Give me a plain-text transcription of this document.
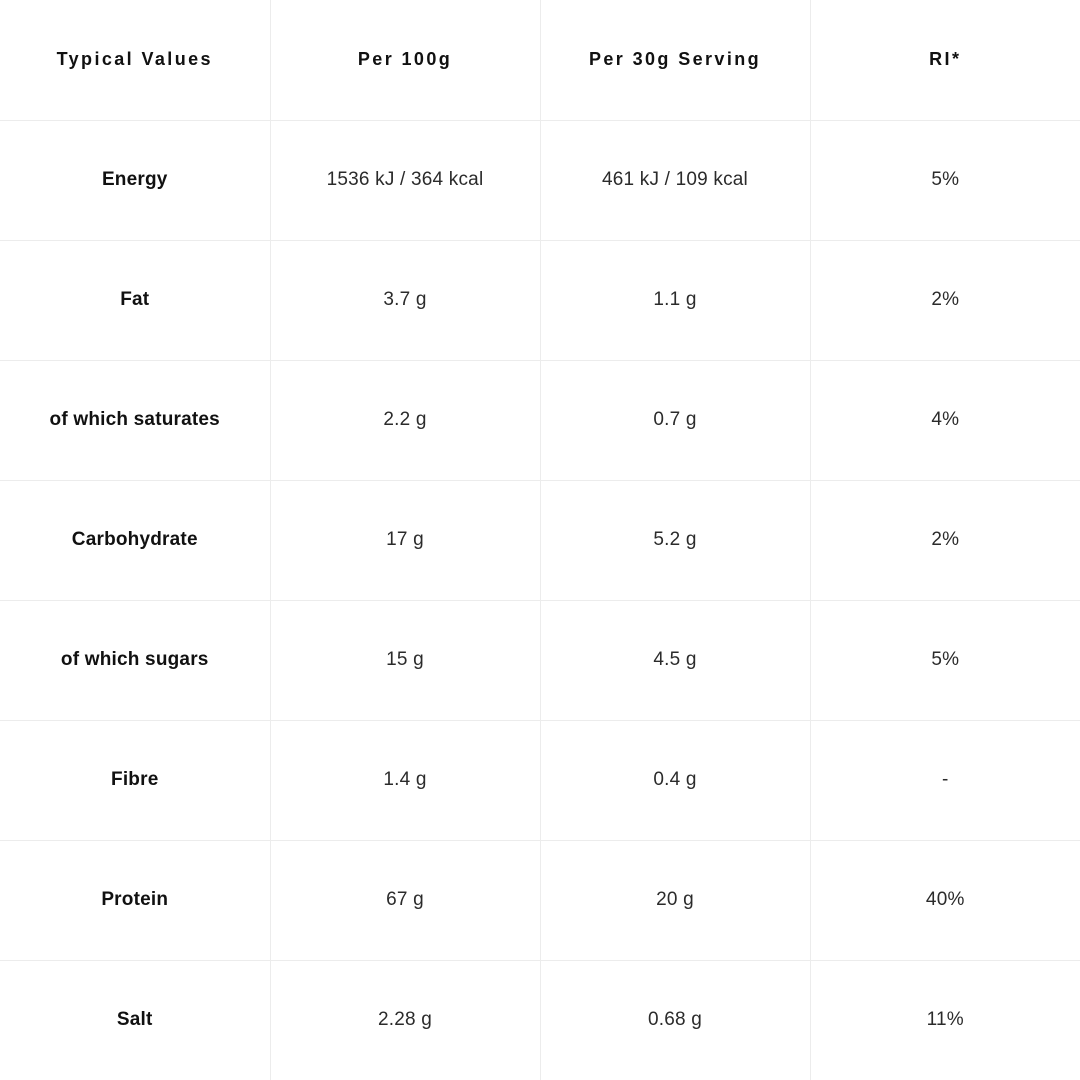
Typical Values	Per 100g	Per 30g Serving	RI*
Energy	1536 kJ / 364 kcal	461 kJ / 109 kcal	5%
Fat	3.7 g	1.1 g	2%
of which saturates	2.2 g	0.7 g	4%
Carbohydrate	17 g	5.2 g	2%
of which sugars	15 g	4.5 g	5%
Fibre	1.4 g	0.4 g	-
Protein	67 g	20 g	40%
Salt	2.28 g	0.68 g	11%
